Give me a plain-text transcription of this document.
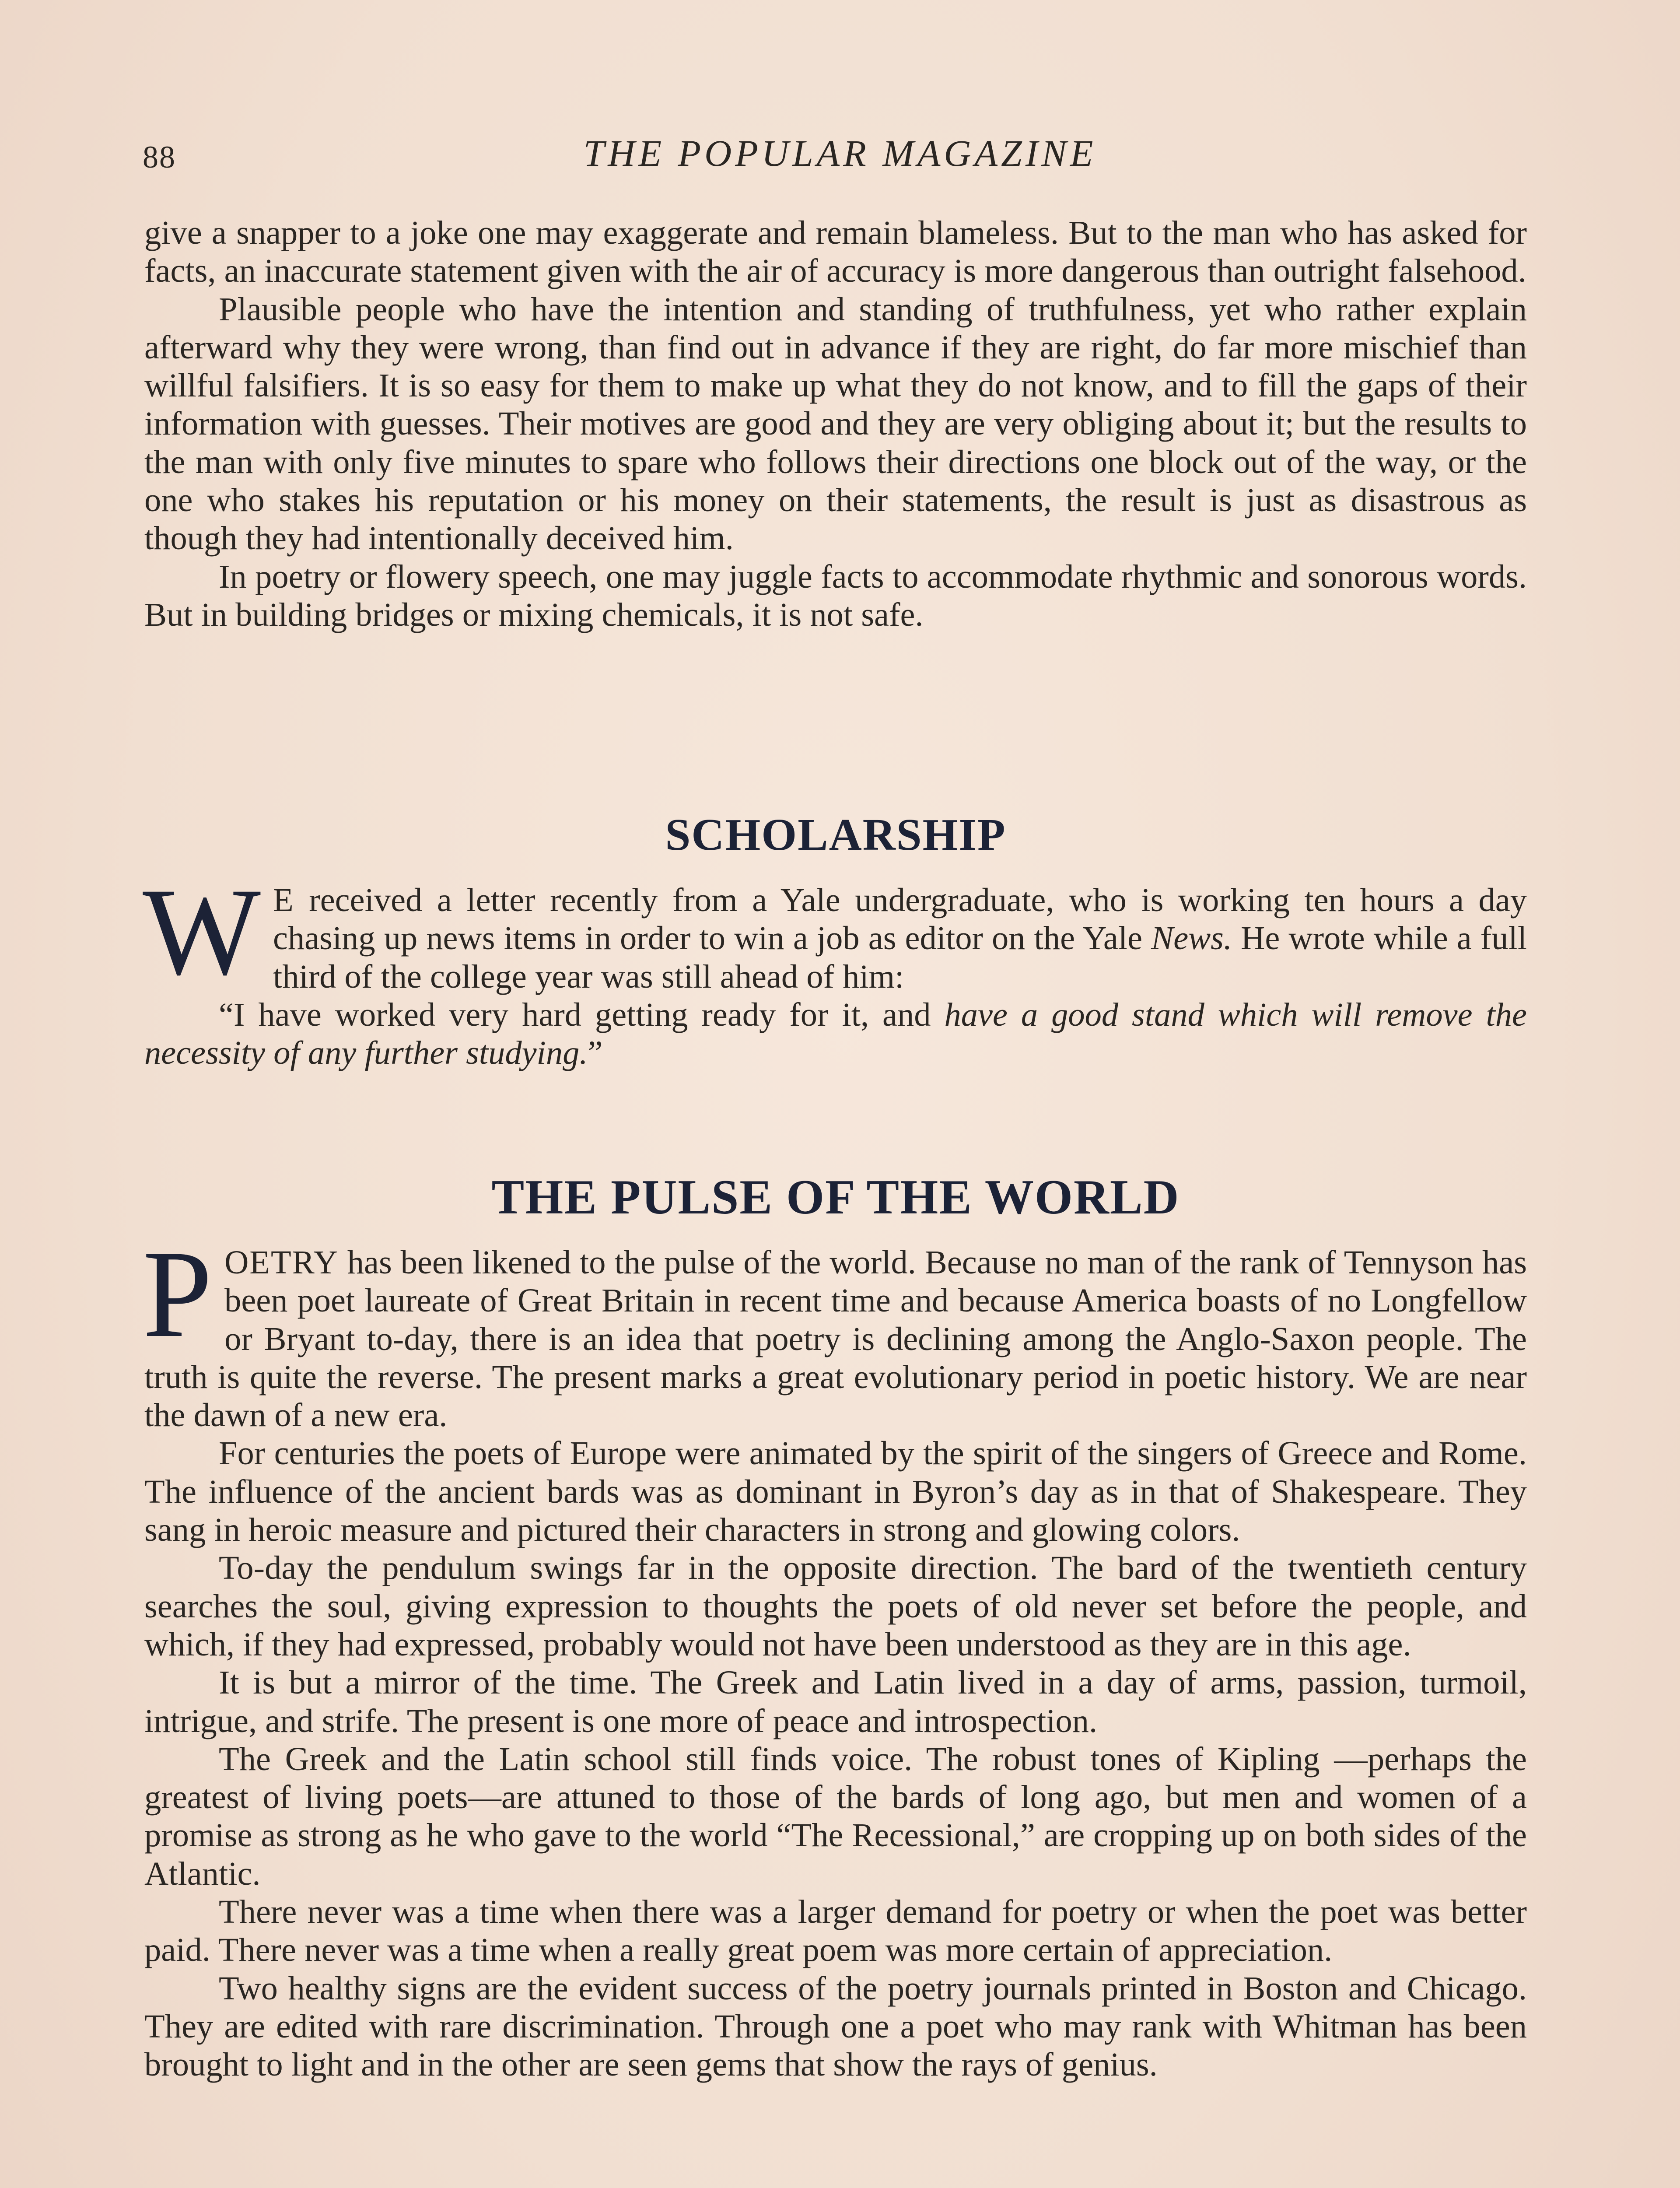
88	THE POPULAR MAGAZINE

give a snapper to a joke one may exaggerate and remain blameless. But to the man who has asked for facts, an inaccurate statement given with the air of accuracy is more dangerous than outright falsehood.

Plausible people who have the intention and standing of truthfulness, yet who rather explain afterward why they were wrong, than find out in advance if they are right, do far more mischief than willful falsifiers. It is so easy for them to make up what they do not know, and to fill the gaps of their information with guesses. Their motives are good and they are very obliging about it; but the results to the man with only five minutes to spare who follows their directions one block out of the way, or the one who stakes his reputation or his money on their statements, the result is just as disastrous as though they had intentionally deceived him.

In poetry or flowery speech, one may juggle facts to accommodate rhythmic and sonorous words. But in building bridges or mixing chemicals, it is not safe.

SCHOLARSHIP

W E received a letter recently from a Yale undergraduate, who is working ten hours a day chasing up news items in order to win a job as editor on the Yale News. He wrote while a full third of the college year was still ahead of him:

“I have worked very hard getting ready for it, and have a good stand which will remove the necessity of any further studying.”

THE PULSE OF THE WORLD

POETRY has been likened to the pulse of the world. Because no man of the rank of Tennyson has been poet laureate of Great Britain in recent time and because America boasts of no Longfellow or Bryant to-day, there is an idea that poetry is declining among the Anglo-Saxon people. The truth is quite the reverse. The present marks a great evolutionary period in poetic history. We are near the dawn of a new era.

For centuries the poets of Europe were animated by the spirit of the singers of Greece and Rome. The influence of the ancient bards was as dominant in Byron’s day as in that of Shakespeare. They sang in heroic measure and pictured their characters in strong and glowing colors.

To-day the pendulum swings far in the opposite direction. The bard of the twentieth century searches the soul, giving expression to thoughts the poets of old never set before the people, and which, if they had expressed, probably would not have been understood as they are in this age.

It is but a mirror of the time. The Greek and Latin lived in a day of arms, passion, turmoil, intrigue, and strife. The present is one more of peace and introspection.

The Greek and the Latin school still finds voice. The robust tones of Kipling —perhaps the greatest of living poets—are attuned to those of the bards of long ago, but men and women of a promise as strong as he who gave to the world “The Recessional,” are cropping up on both sides of the Atlantic.

There never was a time when there was a larger demand for poetry or when the poet was better paid. There never was a time when a really great poem was more certain of appreciation.

Two healthy signs are the evident success of the poetry journals printed in Boston and Chicago. They are edited with rare discrimination. Through one a poet who may rank with Whitman has been brought to light and in the other are seen gems that show the rays of genius.
